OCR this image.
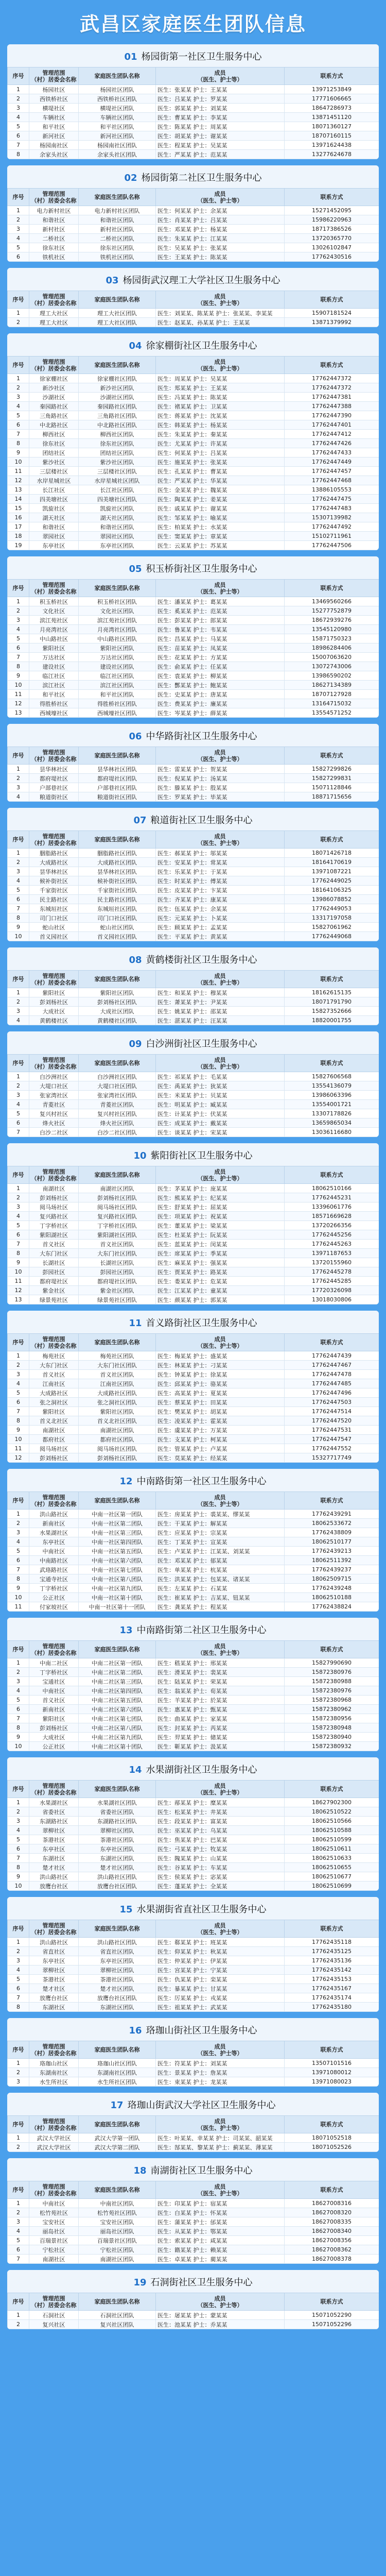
武昌区家庭医生团队信息
01 杨园街第一社区卫生服务中心
序号	管理范围
（村）居委会名称	家庭医生团队名称	成员
（医生、护士等）	联系方式
1	杨园社区	杨园社区团队	医生：张某某 护士：王某某	13971253849
2	西铁桥社区	西铁桥社区团队	医生：吕某某 护士：罗某某	17771606665
3	横堤社区	横堤社区团队	医生：郭某某 护士：刘某某	18647286973
4	车辆社区	车辆社区团队	医生：曹某某 护士：李某某	13871451120
5	和平社区	和平社区团队	医生：陈某某 护士：周某某	18071360127
6	新河社区	新河社区团队	医生：胡某某 护士：谢某某	18707160115
7	杨园南社区	杨园南社区团队	医生：程某某 护士：吴某某	13971624438
8	余家头社区	余家头社区团队	医生：严某某 护士：范某某	13277624678
02 杨园街第二社区卫生服务中心
序号	管理范围
（村）居委会名称	家庭医生团队名称	成员
（医生、护士等）	联系方式
1	电力新村社区	电力新村社区团队	医生：何某某 护士：余某某	15271452095
2	和谐社区	和谐社区团队	医生：肖某某 护士：吕某某	15986220963
3	新村社区	新村社区团队	医生：邓某某 护士：杨某某	18717386526
4	二桥社区	二桥社区团队	医生：朱某某 护士：江某某	13720365770
5	徐东社区	徐东社区团队	医生：吴某某 护士：张某某	13026102847
6	铁机社区	铁机社区团队	医生：王某某 护士：陈某某	17762430516
03 杨园街武汉理工大学社区卫生服务中心
序号	管理范围
（村）居委会名称	家庭医生团队名称	成员
（医生、护士等）	联系方式
1	理工大社区	理工大社区团队	医生：刘某某、陈某某 护士：张某某、李某某	15907181524
2	理工大社区	理工大社区团队	医生：赵某某、孙某某 护士：王某某	13871379992
04 徐家棚街社区卫生服务中心
序号	管理范围
（村）居委会名称	家庭医生团队名称	成员
（医生、护士等）	联系方式
1	徐家棚社区	徐家棚社区团队	医生：周某某 护士：吴某某	17762447372
2	新沙社区	新沙社区团队	医生：郑某某 护士：王某某	17762447372
3	沙湖社区	沙湖社区团队	医生：冯某某 护士：陈某某	17762447381
4	秦园路社区	秦园路社区团队	医生：褚某某 护士：卫某某	17762447388
5	三角路社区	三角路社区团队	医生：蒋某某 护士：沈某某	17762447390
6	中北路社区	中北路社区团队	医生：韩某某 护士：杨某某	17762447401
7	柳西社区	柳西社区团队	医生：朱某某 护士：秦某某	17762447412
8	徐东社区	徐东社区团队	医生：尤某某 护士：许某某	17762447426
9	团结社区	团结社区团队	医生：何某某 护士：吕某某	17762447433
10	紫沙社区	紫沙社区团队	医生：施某某 护士：张某某	17762447449
11	三层楼社区	三层楼社区团队	医生：孔某某 护士：曹某某	17762447457
12	水岸星城社区	水岸星城社区团队	医生：严某某 护士：华某某	17762447468
13	长江社区	长江社区团队	医生：金某某 护士：魏某某	13886105553
14	四美塘社区	四美塘社区团队	医生：陶某某 护士：姜某某	17762447475
15	凯旋社区	凯旋社区团队	医生：戚某某 护士：谢某某	17762447483
16	湖天社区	湖天社区团队	医生：邹某某 护士：喻某某	15307139982
17	和谐社区	和谐社区团队	医生：柏某某 护士：水某某	17762447492
18	翠园社区	翠园社区团队	医生：窦某某 护士：章某某	15102711961
19	东亭社区	东亭社区团队	医生：云某某 护士：苏某某	17762447506
05 积玉桥街社区卫生服务中心
序号	管理范围
（村）居委会名称	家庭医生团队名称	成员
（医生、护士等）	联系方式
1	积玉桥社区	积玉桥社区团队	医生：潘某某 护士：葛某某	13469560266
2	文化社区	文化社区团队	医生：奚某某 护士：范某某	15277752879
3	滨江苑社区	滨江苑社区团队	医生：彭某某 护士：郎某某	18672939276
4	月亮湾社区	月亮湾社区团队	医生：鲁某某 护士：韦某某	13545120980
5	中山路社区	中山路社区团队	医生：昌某某 护士：马某某	15871750323
6	紫阳社区	紫阳社区团队	医生：苗某某 护士：凤某某	18986284406
7	万达社区	万达社区团队	医生：花某某 护士：方某某	15007063620
8	建设社区	建设社区团队	医生：俞某某 护士：任某某	13072743006
9	临江社区	临江社区团队	医生：袁某某 护士：柳某某	13986590202
10	滨江社区	滨江社区团队	医生：酆某某 护士：鲍某某	18627134389
11	和平社区	和平社区团队	医生：史某某 护士：唐某某	18707127928
12	得胜桥社区	得胜桥社区团队	医生：费某某 护士：廉某某	13164715032
13	西城壕社区	西城壕社区团队	医生：岑某某 护士：薛某某	13554571252
06 中华路街社区卫生服务中心
序号	管理范围
（村）居委会名称	家庭医生团队名称	成员
（医生、护士等）	联系方式
1	昙华林社区	昙华林社区团队	医生：雷某某 护士：贺某某	15827299826
2	都府堤社区	都府堤社区团队	医生：倪某某 护士：汤某某	15827299831
3	户部巷社区	户部巷社区团队	医生：滕某某 护士：殷某某	15071128846
4	粮道街社区	粮道街社区团队	医生：罗某某 护士：毕某某	18871715656
07 粮道街社区卫生服务中心
序号	管理范围
（村）居委会名称	家庭医生团队名称	成员
（医生、护士等）	联系方式
1	胭脂路社区	胭脂路社区团队	医生：郝某某 护士：邬某某	18071426718
2	大成路社区	大成路社区团队	医生：安某某 护士：常某某	18164170619
3	昙华林社区	昙华林社区团队	医生：乐某某 护士：于某某	13971087221
4	候补街社区	候补街社区团队	医生：时某某 护士：傅某某	17762449025
5	千家街社区	千家街社区团队	医生：皮某某 护士：卞某某	18164106325
6	民主路社区	民主路社区团队	医生：齐某某 护士：康某某	13986078852
7	东城垣社区	东城垣社区团队	医生：伍某某 护士：余某某	17762449053
8	司门口社区	司门口社区团队	医生：元某某 护士：卜某某	13317197058
9	蛇山社区	蛇山社区团队	医生：顾某某 护士：孟某某	15827061962
10	首义园社区	首义园社区团队	医生：平某某 护士：黄某某	17762449068
08 黄鹤楼街社区卫生服务中心
序号	管理范围
（村）居委会名称	家庭医生团队名称	成员
（医生、护士等）	联系方式
1	紫阳社区	紫阳社区团队	医生：和某某 护士：穆某某	18162615135
2	彭刘杨社区	彭刘杨社区团队	医生：萧某某 护士：尹某某	18071791790
3	大成社区	大成社区团队	医生：姚某某 护士：邵某某	15827352666
4	黄鹤楼社区	黄鹤楼社区团队	医生：湛某某 护士：汪某某	18820001755
09 白沙洲街社区卫生服务中心
序号	管理范围
（村）居委会名称	家庭医生团队名称	成员
（医生、护士等）	联系方式
1	白沙洲社区	白沙洲社区团队	医生：祁某某 护士：毛某某	15827606568
2	大堤口社区	大堤口社区团队	医生：禹某某 护士：狄某某	13554136079
3	张家湾社区	张家湾社区团队	医生：米某某 护士：贝某某	13986063396
4	青菱社区	青菱社区团队	医生：明某某 护士：臧某某	13554001721
5	复兴村社区	复兴村社区团队	医生：计某某 护士：伏某某	13307178826
6	烽火社区	烽火社区团队	医生：成某某 护士：戴某某	13659865034
7	白沙二社区	白沙二社区团队	医生：谈某某 护士：宋某某	13036116680
10 紫阳街社区卫生服务中心
序号	管理范围
（村）居委会名称	家庭医生团队名称	成员
（医生、护士等）	联系方式
1	南湖社区	南湖社区团队	医生：茅某某 护士：庞某某	18062510166
2	彭刘杨社区	彭刘杨社区团队	医生：熊某某 护士：纪某某	17762445231
3	阅马场社区	阅马场社区团队	医生：舒某某 护士：屈某某	13396061776
4	复兴路社区	复兴路社区团队	医生：项某某 护士：祝某某	18571669628
5	丁字桥社区	丁字桥社区团队	医生：董某某 护士：梁某某	13720266356
6	紫阳湖社区	紫阳湖社区团队	医生：杜某某 护士：阮某某	17762445256
7	首义社区	首义社区团队	医生：蓝某某 护士：闵某某	17762445263
8	大东门社区	大东门社区团队	医生：席某某 护士：季某某	13971187653
9	长湖社区	长湖社区团队	医生：麻某某 护士：强某某	13720155960
10	彭园社区	彭园社区团队	医生：贾某某 护士：路某某	17762445278
11	都府堤社区	都府堤社区团队	医生：娄某某 护士：危某某	17762445285
12	紫金社区	紫金社区团队	医生：江某某 护士：童某某	17720326098
13	绿景苑社区	绿景苑社区团队	医生：颜某某 护士：郭某某	13018030806
11 首义路街社区卫生服务中心
序号	管理范围
（村）居委会名称	家庭医生团队名称	成员
（医生、护士等）	联系方式
1	梅苑社区	梅苑社区团队	医生：梅某某 护士：盛某某	17762447439
2	大东门社区	大东门社区团队	医生：林某某 护士：刁某某	17762447467
3	首义社区	首义社区团队	医生：钟某某 护士：徐某某	17762447478
4	江南社区	江南社区团队	医生：邱某某 护士：骆某某	17762447485
5	大成路社区	大成路社区团队	医生：高某某 护士：夏某某	17762447496
6	张之洞社区	张之洞社区团队	医生：蔡某某 护士：田某某	17762447503
7	紫阳社区	紫阳社区团队	医生：樊某某 护士：胡某某	17762447514
8	首义北社区	首义北社区团队	医生：凌某某 护士：霍某某	17762447520
9	南湖社区	南湖社区团队	医生：虞某某 护士：万某某	17762447531
10	都府社区	都府社区团队	医生：支某某 护士：柯某某	17762447547
11	阅马场社区	阅马场社区团队	医生：管某某 护士：卢某某	17762447552
12	彭刘杨社区	彭刘杨社区团队	医生：莫某某 护士：经某某	15327717749
12 中南路街第一社区卫生服务中心
序号	管理范围
（村）居委会名称	家庭医生团队名称	成员
（医生、护士等）	联系方式
1	洪山路社区	中南一社区第一团队	医生：房某某 护士：裘某某、缪某某	17762439291
2	新南社区	中南一社区第二团队	医生：干某某 护士：解某某	18062533672
3	水果湖社区	中南一社区第三团队	医生：应某某 护士：宗某某	17762438809
4	东亭社区	中南一社区第四团队	医生：丁某某 护士：宣某某	18062510177
5	中南社区	中南一社区第五团队	医生：卢某某 护士：江某某、刘某某	17762439213
6	中南路社区	中南一社区第六团队	医生：邓某某 护士：郁某某	18062511392
7	武珞路社区	中南一社区第七团队	医生：单某某 护士：杭某某	17762439237
8	宝通寺社区	中南一社区第八团队	医生：洪某某 护士：包某某、诸某某	18062509715
9	丁字桥社区	中南一社区第九团队	医生：左某某 护士：石某某	17762439248
10	公正社区	中南一社区第十团队	医生：崔某某 护士：吉某某、钮某某	18062510188
11	付家坡社区	中南一社区第十一团队	医生：龚某某 护士：程某某	17762438824
13 中南路街第二社区卫生服务中心
序号	管理范围
（村）居委会名称	家庭医生团队名称	成员
（医生、护士等）	联系方式
1	中南二社区	中南二社区第一团队	医生：嵇某某 护士：邢某某	15827990690
2	丁字桥社区	中南二社区第二团队	医生：滑某某 护士：裴某某	15872380976
3	宝通社区	中南二社区第三团队	医生：陆某某 护士：荣某某	15872380988
4	中南社区	中南二社区第四团队	医生：翁某某 护士：荀某某	15872380976
5	首义社区	中南二社区第五团队	医生：羊某某 护士：於某某	15872380968
6	新南社区	中南二社区第六团队	医生：惠某某 护士：甄某某	15872380962
7	紫阳社区	中南二社区第七团队	医生：曲某某 护士：家某某	15872380956
8	彭刘杨社区	中南二社区第八团队	医生：封某某 护士：芮某某	15872380948
9	大成社区	中南二社区第九团队	医生：羿某某 护士：储某某	15872380940
10	公正社区	中南二社区第十团队	医生：靳某某 护士：汲某某	15872380932
14 水果湖街社区卫生服务中心
序号	管理范围
（村）居委会名称	家庭医生团队名称	成员
（医生、护士等）	联系方式
1	水果湖社区	水果湖社区团队	医生：邴某某 护士：糜某某	18627902300
2	省委社区	省委社区团队	医生：松某某 护士：井某某	18062510522
3	东湖路社区	东湖路社区团队	医生：段某某 护士：富某某	18062510566
4	翠柳社区	翠柳社区团队	医生：巫某某 护士：乌某某	18062510588
5	茶港社区	茶港社区团队	医生：焦某某 护士：巴某某	18062510599
6	东亭社区	东亭社区团队	医生：弓某某 护士：牧某某	18062510611
7	东湖社区	东湖社区团队	医生：隗某某 护士：山某某	18062510633
8	楚才社区	楚才社区团队	医生：谷某某 护士：车某某	18062510655
9	洪山路社区	洪山路社区团队	医生：侯某某 护士：宓某某	18062510677
10	放鹰台社区	放鹰台社区团队	医生：蓬某某 护士：全某某	18062510699
15 水果湖街省直社区卫生服务中心
序号	管理范围
（村）居委会名称	家庭医生团队名称	成员
（医生、护士等）	联系方式
1	洪山路社区	洪山路社区团队	医生：郗某某 护士：班某某	17762435118
2	省直社区	省直社区团队	医生：仰某某 护士：秋某某	17762435125
3	东亭社区	东亭社区团队	医生：仲某某 护士：伊某某	17762435136
4	翠柳社区	翠柳社区团队	医生：宫某某 护士：宁某某	17762435142
5	茶港社区	茶港社区团队	医生：仇某某 护士：栾某某	17762435153
6	楚才社区	楚才社区团队	医生：暴某某 护士：甘某某	17762435167
7	放鹰台社区	放鹰台社区团队	医生：厉某某 护士：戎某某	17762435174
8	东湖社区	东湖社区团队	医生：祖某某 护士：武某某	17762435180
16 珞珈山街社区卫生服务中心
序号	管理范围
（村）居委会名称	家庭医生团队名称	成员
（医生、护士等）	联系方式
1	珞珈山社区	珞珈山社区团队	医生：符某某 护士：刘某某	13507101516
2	东湖南社区	东湖南社区团队	医生：景某某 护士：詹某某	13971080012
3	水生所社区	水生所社区团队	医生：束某某 护士：龙某某	13971080023
17 珞珈山街武汉大学社区卫生服务中心
序号	管理范围
（村）居委会名称	家庭医生团队名称	成员
（医生、护士等）	联系方式
1	武汉大学社区	武汉大学第一团队	医生：叶某某、幸某某 护士：司某某、韶某某	18071052518
2	武汉大学社区	武汉大学第二团队	医生：郜某某、黎某某 护士：蓟某某、薄某某	18071052526
18 南湖街社区卫生服务中心
序号	管理范围
（村）居委会名称	家庭医生团队名称	成员
（医生、护士等）	联系方式
1	中南社区	中南社区团队	医生：印某某 护士：宿某某	18627008316
2	松竹苑社区	松竹苑社区团队	医生：白某某 护士：怀某某	18627008320
3	宝安社区	宝安社区团队	医生：蒲某某 护士：邰某某	18627008335
4	丽岛社区	丽岛社区团队	医生：从某某 护士：鄂某某	18627008340
5	百瑞景社区	百瑞景社区团队	医生：索某某 护士：咸某某	18627008356
6	宁松社区	宁松社区团队	医生：籍某某 护士：赖某某	18627008362
7	南湖社区	南湖社区团队	医生：卓某某 护士：蔺某某	18627008378
19 石洞街社区卫生服务中心
序号	管理范围
（村）居委会名称	家庭医生团队名称	成员
（医生、护士等）	联系方式
1	石洞社区	石洞社区团队	医生：屠某某 护士：蒙某某	15071052290
2	复兴社区	复兴社区团队	医生：池某某 护士：乔某某	15071052296
